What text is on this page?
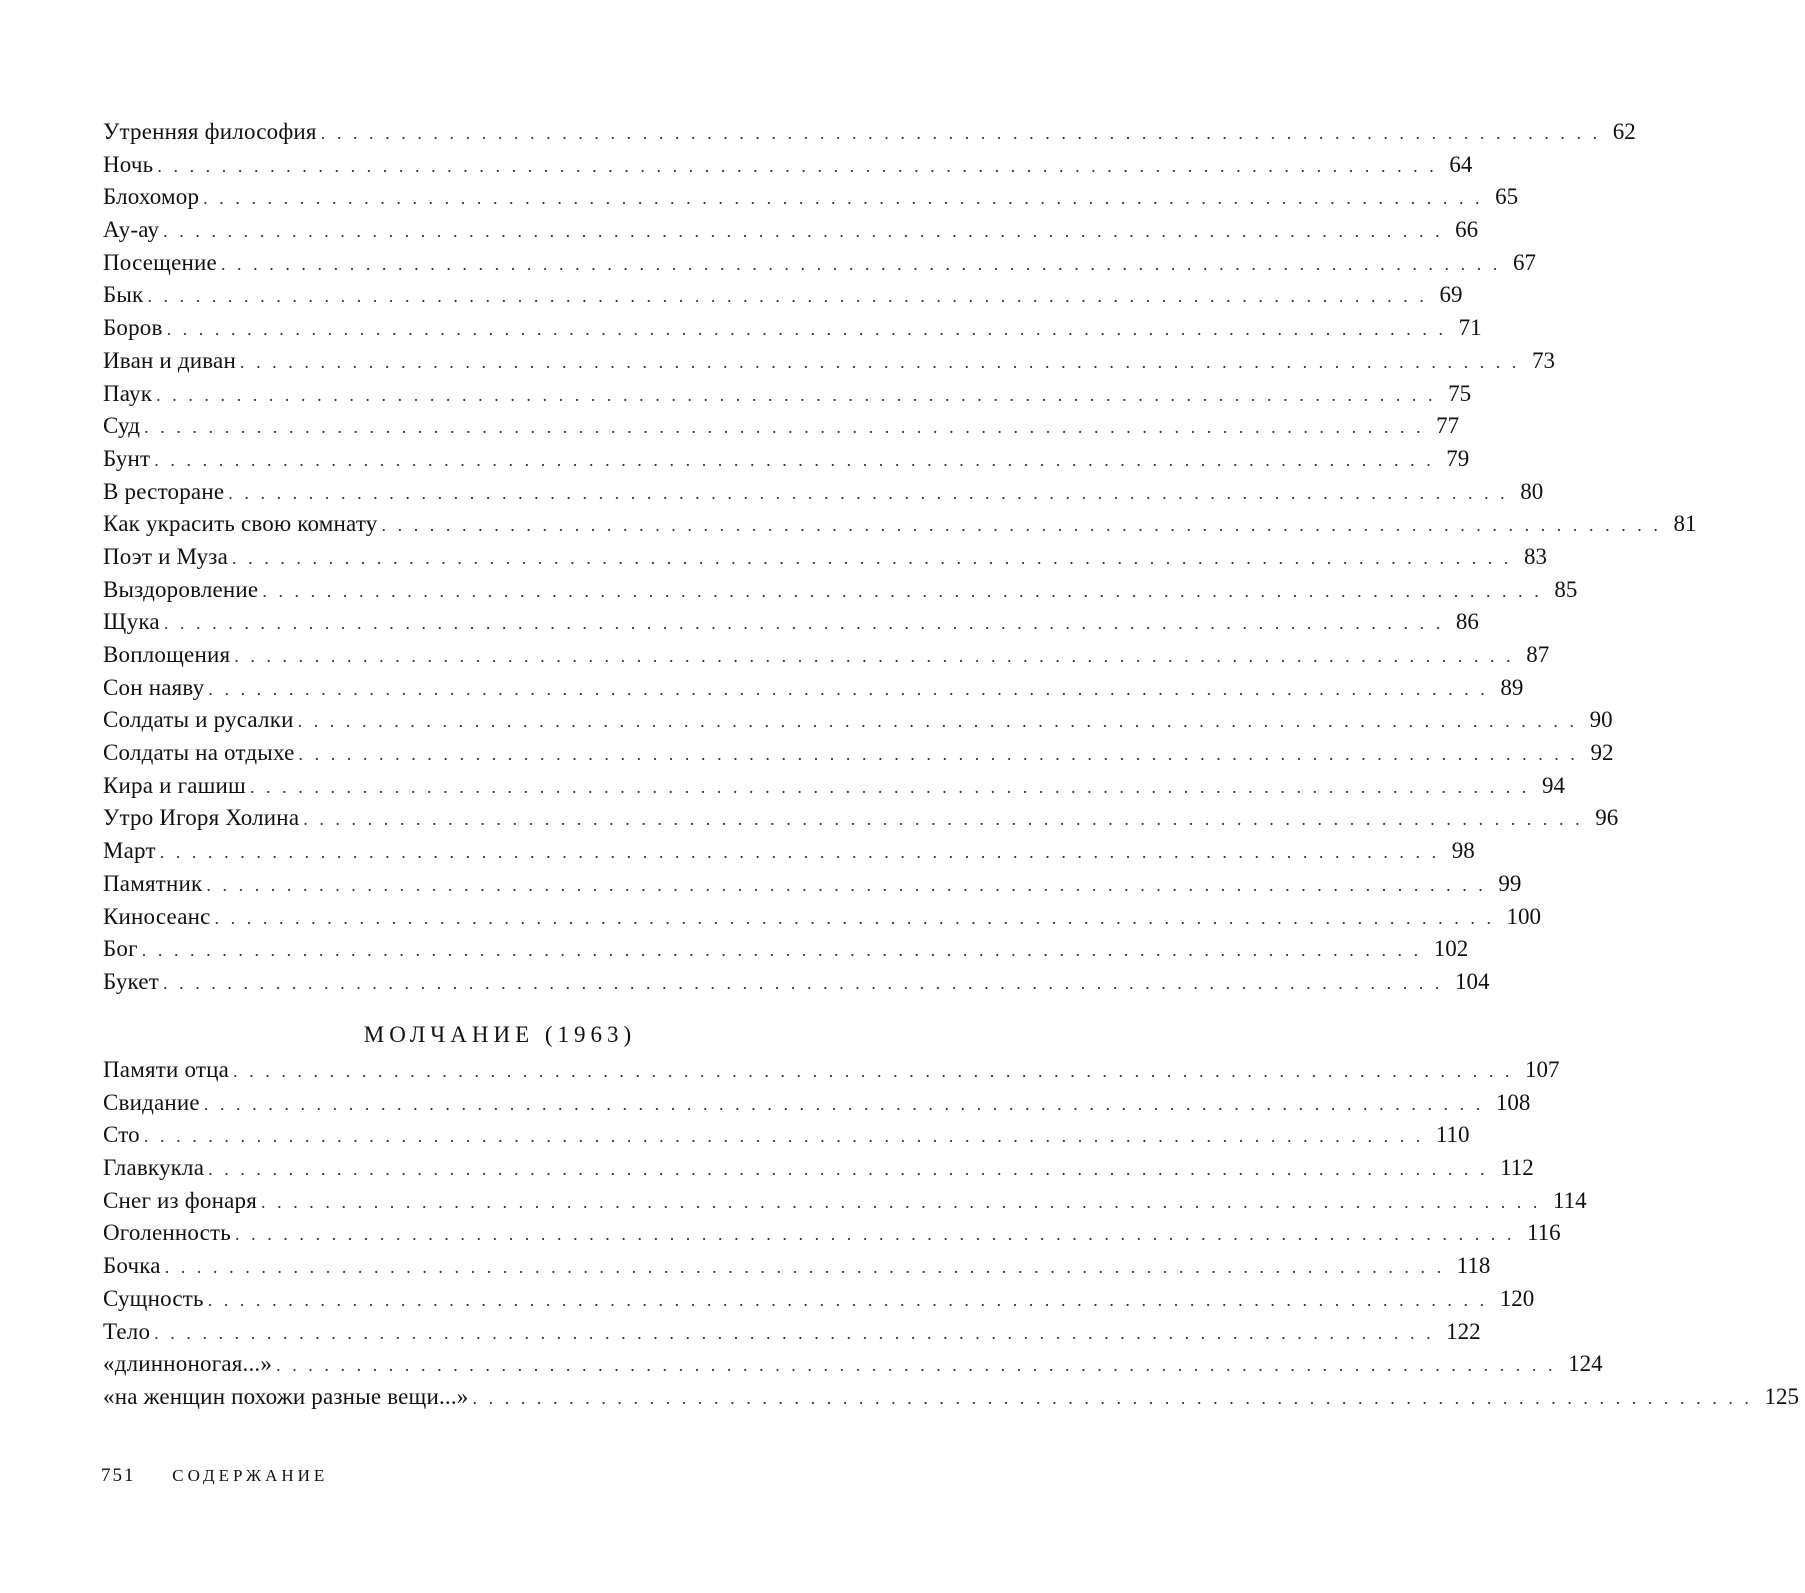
Утренняя философия ................................................................................ 62
Ночь ................................................................................ 64
Блохомор ................................................................................ 65
Ау-ау ................................................................................ 66
Посещение ................................................................................ 67
Бык ................................................................................ 69
Боров ................................................................................ 71
Иван и диван ................................................................................ 73
Паук ................................................................................ 75
Суд ................................................................................ 77
Бунт ................................................................................ 79
В ресторане ................................................................................ 80
Как украсить свою комнату ................................................................................ 81
Поэт и Муза ................................................................................ 83
Выздоровление ................................................................................ 85
Щука ................................................................................ 86
Воплощения ................................................................................ 87
Сон наяву ................................................................................ 89
Солдаты и русалки ................................................................................ 90
Солдаты на отдыхе ................................................................................ 92
Кира и гашиш ................................................................................ 94
Утро Игоря Холина ................................................................................ 96
Март ................................................................................ 98
Памятник ................................................................................ 99
Киносеанс ................................................................................ 100
Бог ................................................................................ 102
Букет ................................................................................ 104
МОЛЧАНИЕ (1963)
Памяти отца ................................................................................ 107
Свидание ................................................................................ 108
Сто ................................................................................ 110
Главкукла ................................................................................ 112
Снег из фонаря ................................................................................ 114
Оголенность ................................................................................ 116
Бочка ................................................................................ 118
Сущность ................................................................................ 120
Тело ................................................................................ 122
«длинноногая...» ................................................................................ 124
«на женщин похожи разные вещи...» ................................................................................ 125
751 СОДЕРЖАНИЕ
